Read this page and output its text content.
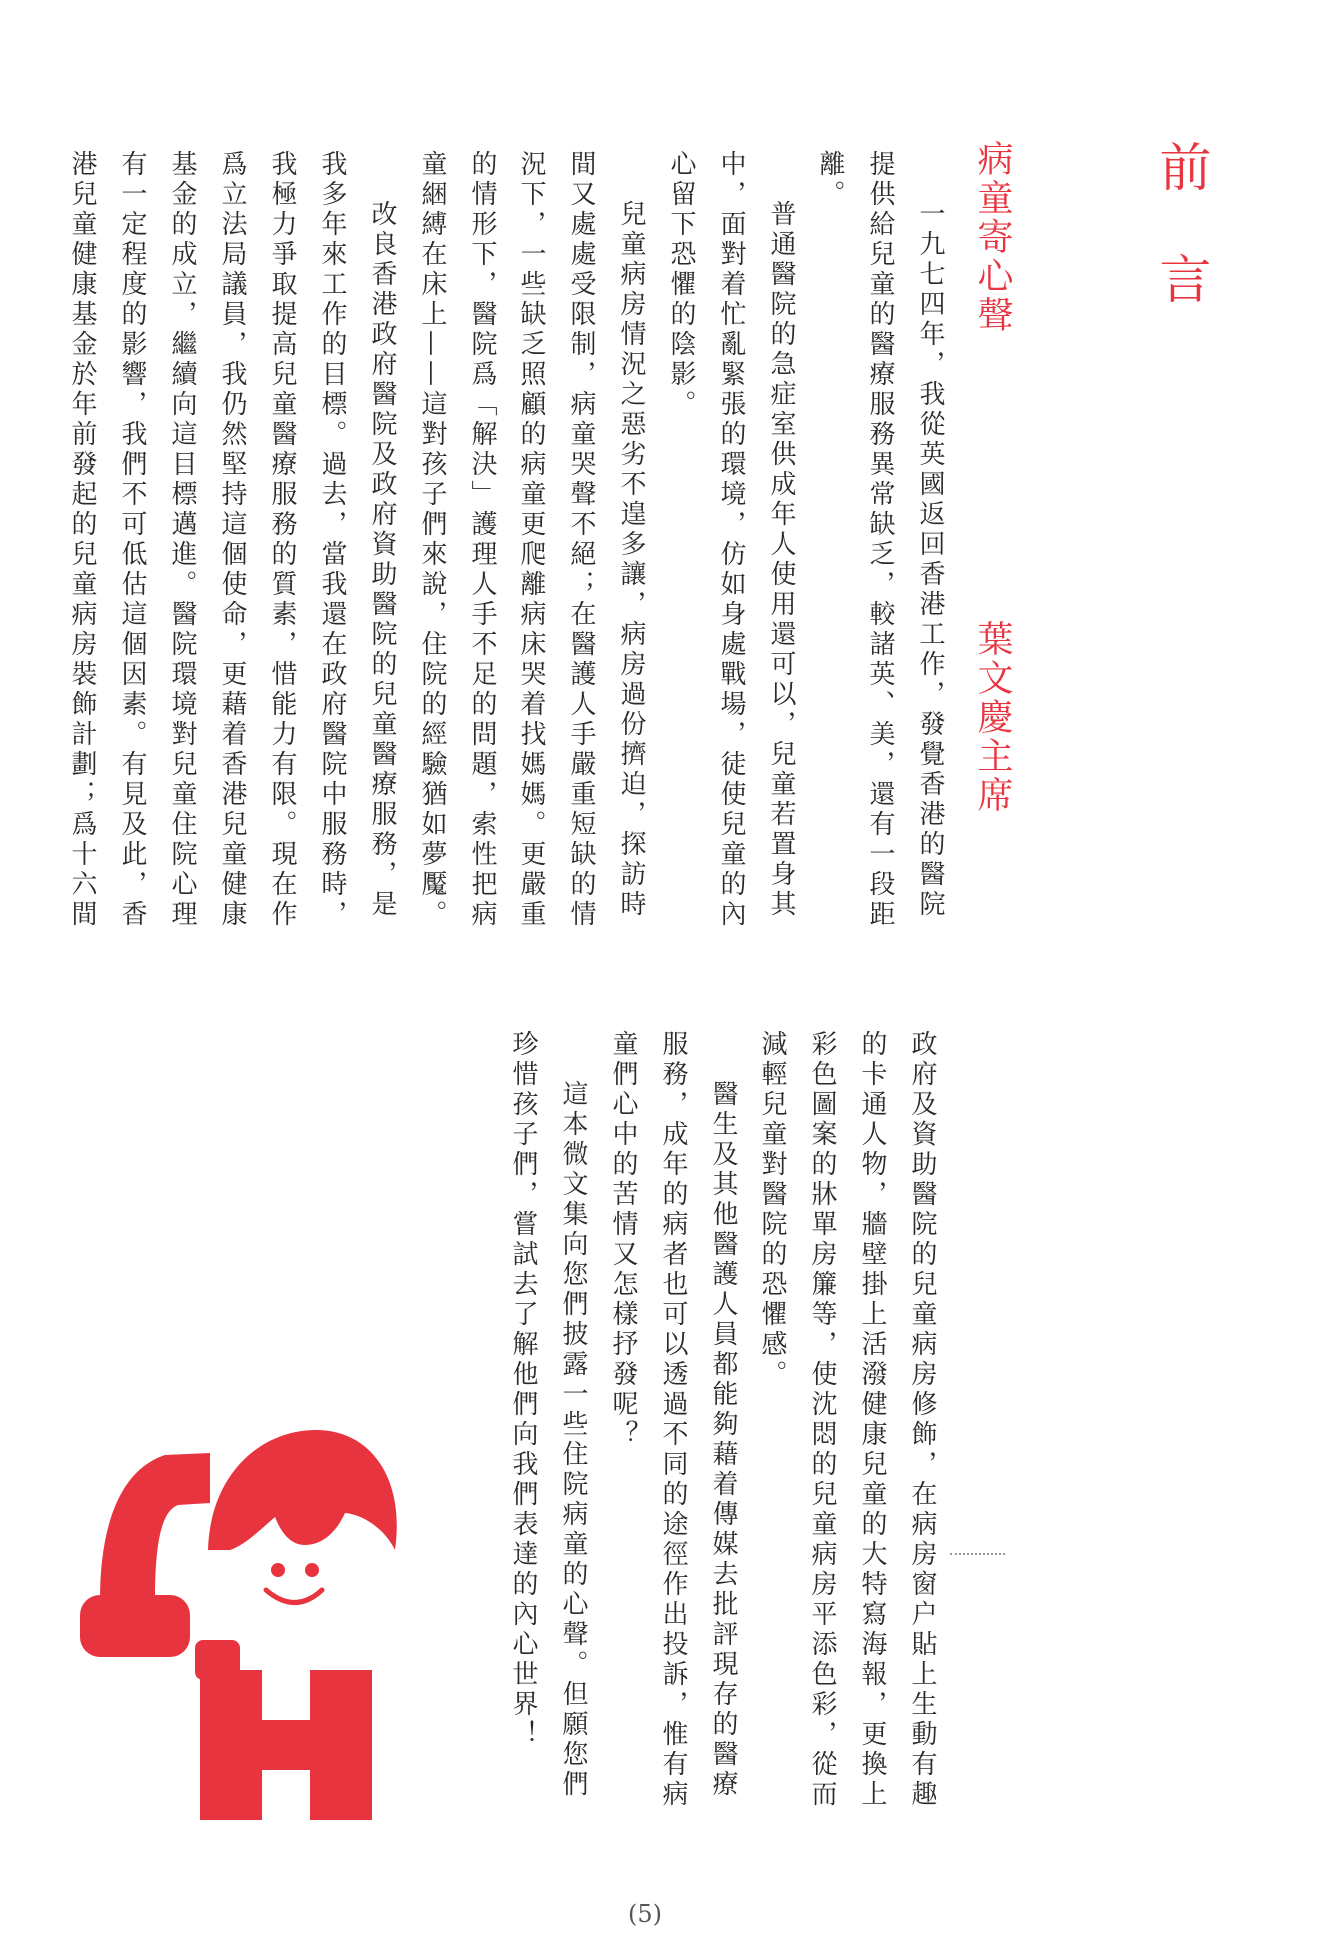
前言
病童寄心聲
葉文慶主席
一九七四年，我從英國返回香港工作，發覺香港的醫院
提供給兒童的醫療服務異常缺乏，較諸英、美，還有一段距
離。
普通醫院的急症室供成年人使用還可以，兒童若置身其
中，面對着忙亂緊張的環境，仿如身處戰場，徒使兒童的內
心留下恐懼的陰影。
兒童病房情況之惡劣不遑多讓，病房過份擠迫，探訪時
間又處處受限制，病童哭聲不絕；在醫護人手嚴重短缺的情
況下，一些缺乏照顧的病童更爬離病床哭着找媽媽。更嚴重
的情形下，醫院爲「解決」護理人手不足的問題，索性把病
童綑縛在床上——這對孩子們來說，住院的經驗猶如夢魘。
改良香港政府醫院及政府資助醫院的兒童醫療服務，是
我多年來工作的目標。過去，當我還在政府醫院中服務時，
我極力爭取提高兒童醫療服務的質素，惜能力有限。現在作
爲立法局議員，我仍然堅持這個使命，更藉着香港兒童健康
基金的成立，繼續向這目標邁進。醫院環境對兒童住院心理
有一定程度的影響，我們不可低估這個因素。有見及此，香
港兒童健康基金於年前發起的兒童病房裝飾計劃；爲十六間
政府及資助醫院的兒童病房修飾，在病房窗户貼上生動有趣
的卡通人物，牆壁掛上活潑健康兒童的大特寫海報，更換上
彩色圖案的牀單房簾等，使沈悶的兒童病房平添色彩，從而
減輕兒童對醫院的恐懼感。
醫生及其他醫護人員都能夠藉着傳媒去批評現存的醫療
服務，成年的病者也可以透過不同的途徑作出投訴，惟有病
童們心中的苦情又怎樣抒發呢？
這本微文集向您們披露一些住院病童的心聲。但願您們
珍惜孩子們，嘗試去了解他們向我們表達的內心世界！
(5)
